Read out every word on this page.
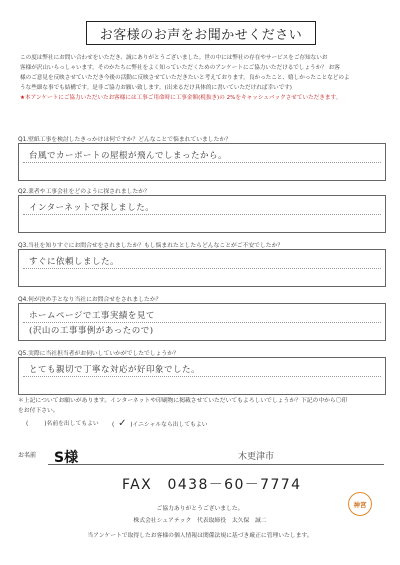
お客様のお声をお聞かせください
この度は弊社にお問い合わせをいただき、誠にありがとうございました。世の中には弊社の存在やサービスをご存知ないお
客様が沢山いらっしゃいます。そのかたちに弊社をよく知っていただくためのアンケートにご協力いただけるでしょうか？ お客
様のご意見を反映させていただき今後の活動に反映させていただきたいと考えております。良かったこと、嬉しかったことなどのよ
うな些細な事でも結構です。是非ご協力お願い致します。(出来るだけ具体的に書いていただければ幸いです)
★本アンケートにご協力いただいたお客様には工事ご用命時に工事金額(税抜き)の 2%をキャッシュバックさせていただきます。
Q1.壁紙工事を検討したきっかけは何ですか？どんなことで悩まれていましたか？
台風でカーポートの屋根が飛んでしまったから。
Q2.業者や工事会社をどのように探されましたか？
インターネットで探しました。
Q3.当社を知りすぐにお問合せをされましたか？もし悩まれたとしたらどんなことがご不安でしたか？
すぐに依頼しました。
Q4.何が決め手となり当社にお問合せをされましたか？
ホームページで工事実績を見て
(沢山の工事事例があったので)
Q5.実際に当社担当者がお伺いしていかがでしたでしょうか？
とても親切で丁寧な対応が好印象でした。
＊上記についてお願いがあります。インターネットや印刷物に掲載させていただいてもよろしいでしょうか？下記の中から〇印
をお付下さい。
(	)名前を出してもよい ( ✓ )イニシャルなら出してもよい
お名前 S様	木更津市
FAX　0438－60－7774
ご協力ありがとうございました。
株式会社シェアテック　代表取締役　太久保　誠二
当アンケートで取得したお客様の個人情報は関係法規に基づき厳正に管理いたします。
神宮
